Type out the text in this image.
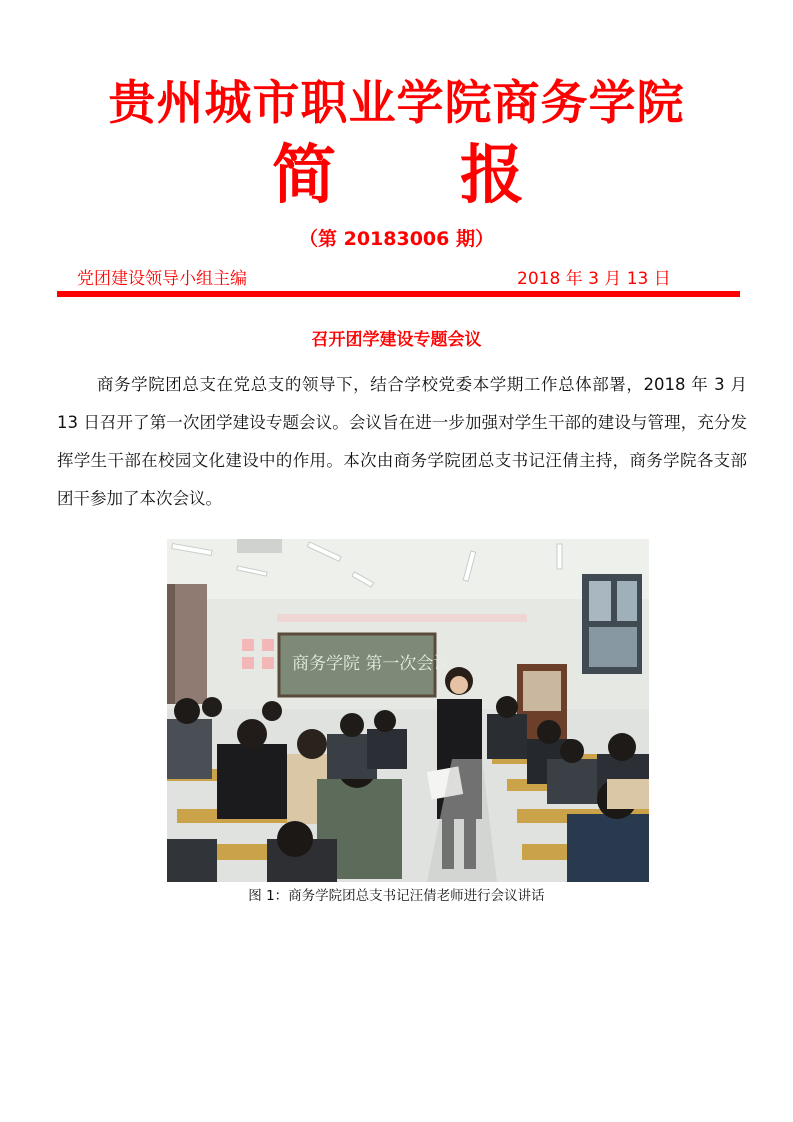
贵州城市职业学院商务学院
简 报
（第 20183006 期）
党团建设领导小组主编	2018 年 3 月 13 日
召开团学建设专题会议
商务学院团总支在党总支的领导下，结合学校党委本学期工作总体部署，2018 年 3 月 13 日召开了第一次团学建设专题会议。会议旨在进一步加强对学生干部的建设与管理，充分发挥学生干部在校园文化建设中的作用。本次由商务学院团总支书记汪倩主持，商务学院各支部团干参加了本次会议。
商务学院 第一次会议
图 1：商务学院团总支书记汪倩老师进行会议讲话
